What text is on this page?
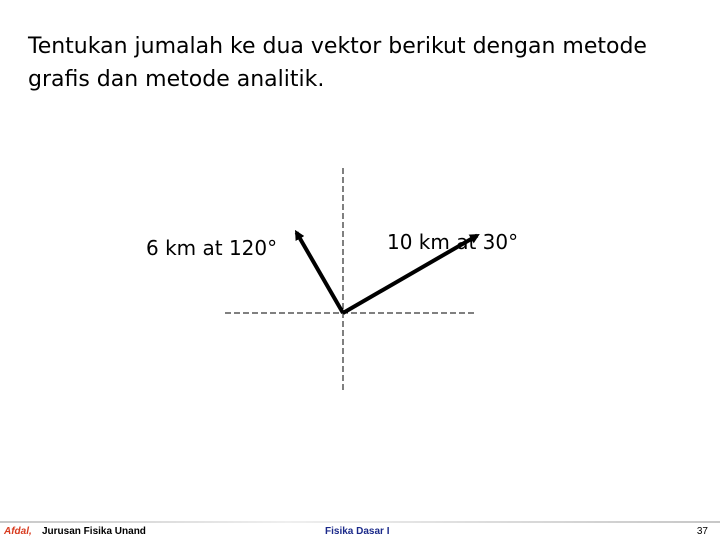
Tentukan jumalah ke dua vektor berikut dengan metode
grafis dan metode analitik.
10 km at 30°
6 km at 120°
Afdal, Jurusan Fisika Unand	Fisika Dasar I	37
